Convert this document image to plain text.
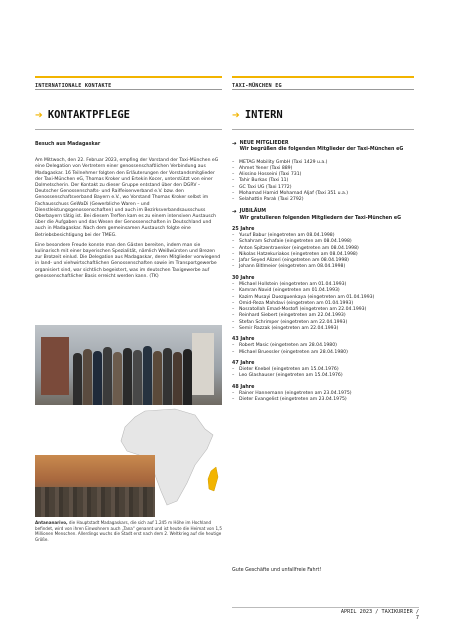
INTERNATIONALE KONTAKTE	TAXI-MÜNCHEN EG
➔ KONTAKTPFLEGE	➔ INTERN
Besuch aus Madagaskar

Am Mittwoch, den 22. Februar 2023, empfing der Vorstand der Taxi-München eG eine Delegation von Vertretern einer genossenschaftlichen Verbindung aus Madagaskar. 16 Teilnehmer folgten den Erläuterungen der Vorstandsmitglieder der Taxi-München eG, Thomas Kroker und Ertekin Kocer, unterstützt von einer Dolmetscherin. Der Kontakt zu dieser Gruppe entstand über den DGRV – Deutscher Genossenschafts- und Raiffeisenverband e.V. bzw. den Genossenschaftsverband Bayern e.V., wo Vorstand Thomas Kroker selbst im Fachausschuss GeWaDi (Gewerbliche Waren – und Dienstleistungsgenossenschaften) und auch im Bezirksverbandsausschuss Oberbayern tätig ist. Bei diesem Treffen kam es zu einem intensiven Austausch über die Aufgaben und das Wesen der Genossenschaften in Deutschland und auch in Madagaskar. Nach dem gemeinsamen Austausch folgte eine Betriebsbesichtigung bei der TMEG.

Eine besondere Freude konnte man den Gästen bereiten, indem man sie kulinarisch mit einer bayerischen Spezialität, nämlich Weißwürsten und Brezen zur Brotzeit einlud. Die Delegation aus Madagaskar, deren Mitglieder vorwiegend in land- und viehwirtschaftlichen Genossenschaften sowie im Transportgewerbe organisiert sind, war sichtlich begeistert, was im deutschen Taxigewerbe auf genossenschaftlicher Basis erreicht werden kann. (TK)

Antananarivo, die Hauptstadt Madagaskars, die sich auf 1.245 m Höhe im Hochland befindet, wird von ihren Einwohnern auch „Tana“ genannt und ist heute die Heimat von 1,5 Millionen Menschen. Allerdings wuchs die Stadt erst nach dem 2. Weltkrieg auf die heutige Größe.
➔ NEUE MITGLIEDER
Wir begrüßen die folgenden Mitglieder der Taxi-München eG
– METAG Mobility GmbH (Taxi 1429 u.a.)
– Ahmet Yener (Taxi 889)
– Alissino Hosseini (Taxi 731)
– Tahir Burkas (Taxi 11)
– GC Taxi UG (Taxi 1772)
– Mohamad Hamid Mohamad Aljaf (Taxi 351 u.a.)
– Selahattin Paralı (Taxi 2792)
➔ JUBILÄUM
Wir gratulieren folgenden Mitgliedern der Taxi-München eG
25 Jahre
– Yusuf Babur (eingetreten am 08.04.1998)
– Schahram Schafaie (eingetreten am 08.04.1998)
– Anton Spitzentraenker (eingetreten am 08.04.1998)
– Nikolas Hatzekuriakos (eingetreten am 08.04.1998)
– Jafar Seyed Alizeri (eingetreten am 08.04.1998)
– Johann Bitlmeier (eingetreten am 08.04.1998)
30 Jahre
– Michael Hollstein (eingetreten am 01.04.1993)
– Kamran Navid (eingetreten am 01.04.1993)
– Kazim Musayi Duezguenkaya (eingetreten am 01.04.1993)
– Omid-Reza Mahdavi (eingetreten am 01.04.1993)
– Nosratollah Emad-Mostofi (eingetreten am 22.04.1993)
– Reinhard Siebert (eingetreten am 22.04.1993)
– Stefan Schrimper (eingetreten am 22.04.1993)
– Semir Razzak (eingetreten am 22.04.1993)
43 Jahre
– Robert Masic (eingetreten am 28.04.1980)
– Michael Bruessler (eingetreten am 28.04.1980)
47 Jahre
– Dieter Knebel (eingetreten am 15.04.1976)
– Leo Glashauser (eingetreten am 15.04.1976)
48 Jahre
– Rainer Hannemann (eingetreten am 23.04.1975)
– Dieter Evangelist (eingetreten am 23.04.1975)
Gute Geschäfte und unfallfreie Fahrt!
APRIL 2023 / TAXIKURIER / 7
